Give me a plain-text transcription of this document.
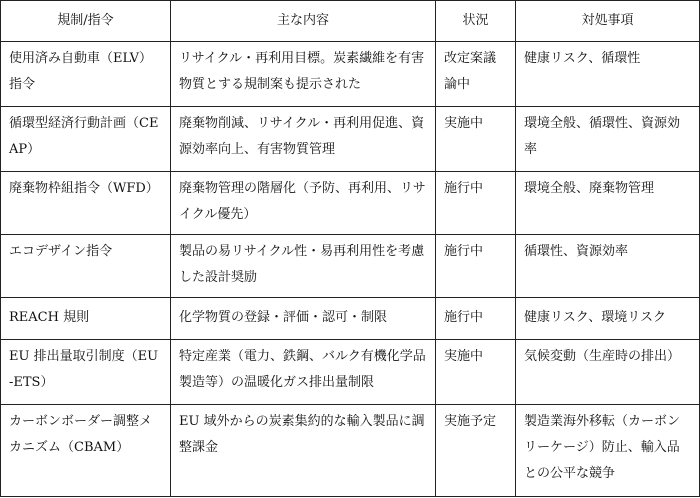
規制/指令	主な内容	状況	対処事項
使用済み自動車（ELV）指令	リサイクル・再利用目標。炭素繊維を有害物質とする規制案も提示された	改定案議論中	健康リスク、循環性
循環型経済行動計画（CEAP）	廃棄物削減、リサイクル・再利用促進、資源効率向上、有害物質管理	実施中	環境全般、循環性、資源効率
廃棄物枠組指令（WFD）	廃棄物管理の階層化（予防、再利用、リサイクル優先）	施行中	環境全般、廃棄物管理
エコデザイン指令	製品の易リサイクル性・易再利用性を考慮した設計奨励	施行中	循環性、資源効率
REACH 規則	化学物質の登録・評価・認可・制限	施行中	健康リスク、環境リスク
EU 排出量取引制度（EU-ETS）	特定産業（電力、鉄鋼、バルク有機化学品製造等）の温暖化ガス排出量制限	実施中	気候変動（生産時の排出）
カーボンボーダー調整メカニズム（CBAM）	EU 域外からの炭素集約的な輸入製品に調整課金	実施予定	製造業海外移転（カーボンリーケージ）防止、輸入品との公平な競争
